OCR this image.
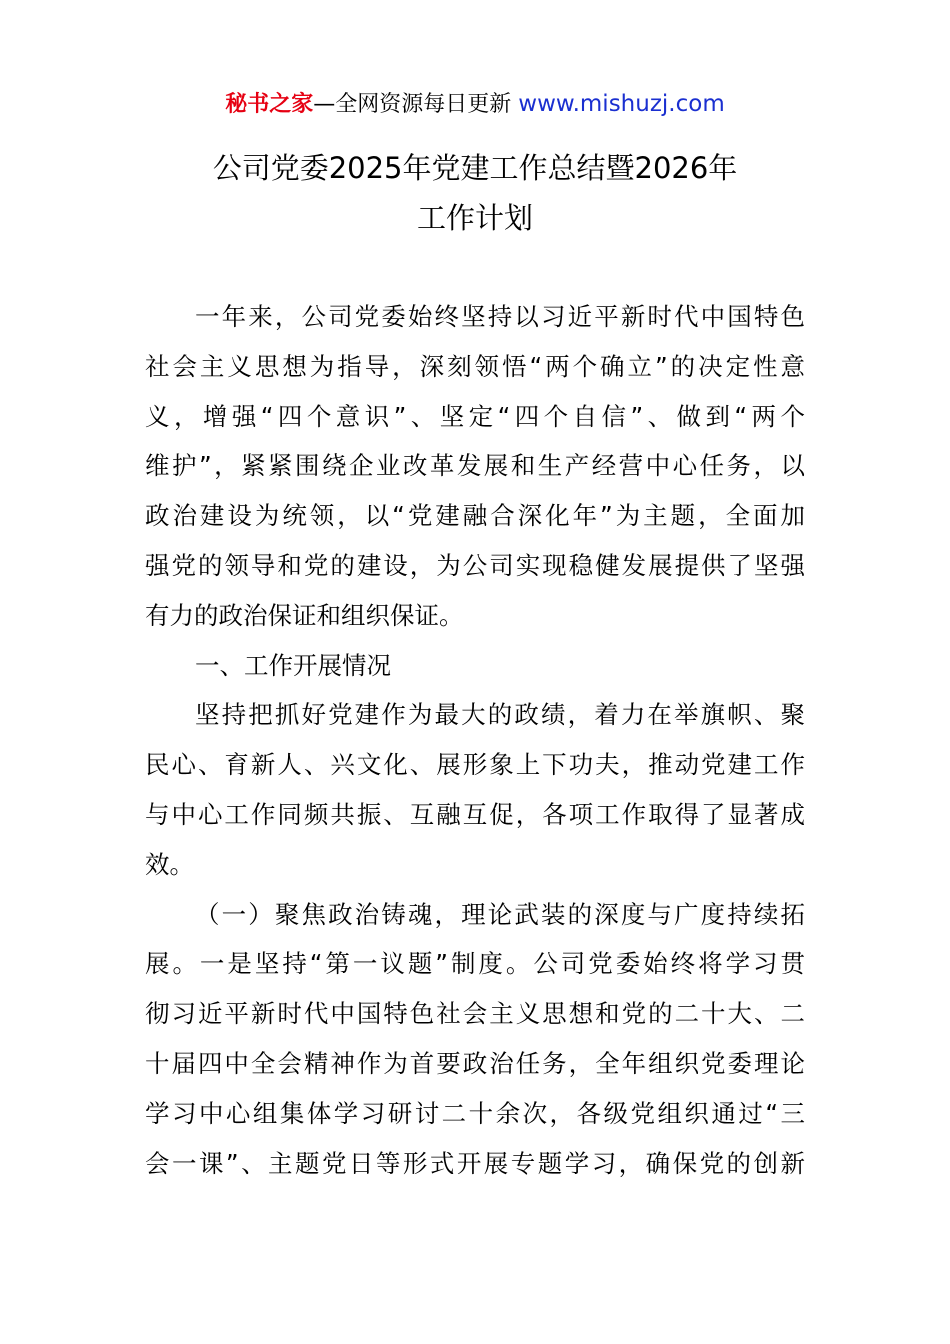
秘书之家—全网资源每日更新 www.mishuzj.com
公司党委2025年党建工作总结暨2026年
工作计划
一年来，公司党委始终坚持以习近平新时代中国特色
社会主义思想为指导，深刻领悟“两个确立”的决定性意
义，增强“四个意识”、坚定“四个自信”、做到“两个
维护”，紧紧围绕企业改革发展和生产经营中心任务，以
政治建设为统领，以“党建融合深化年”为主题，全面加
强党的领导和党的建设，为公司实现稳健发展提供了坚强
有力的政治保证和组织保证。
一、工作开展情况
坚持把抓好党建作为最大的政绩，着力在举旗帜、聚
民心、育新人、兴文化、展形象上下功夫，推动党建工作
与中心工作同频共振、互融互促，各项工作取得了显著成
效。
（一）聚焦政治铸魂，理论武装的深度与广度持续拓
展。一是坚持“第一议题”制度。公司党委始终将学习贯
彻习近平新时代中国特色社会主义思想和党的二十大、二
十届四中全会精神作为首要政治任务，全年组织党委理论
学习中心组集体学习研讨二十余次，各级党组织通过“三
会一课”、主题党日等形式开展专题学习，确保党的创新
